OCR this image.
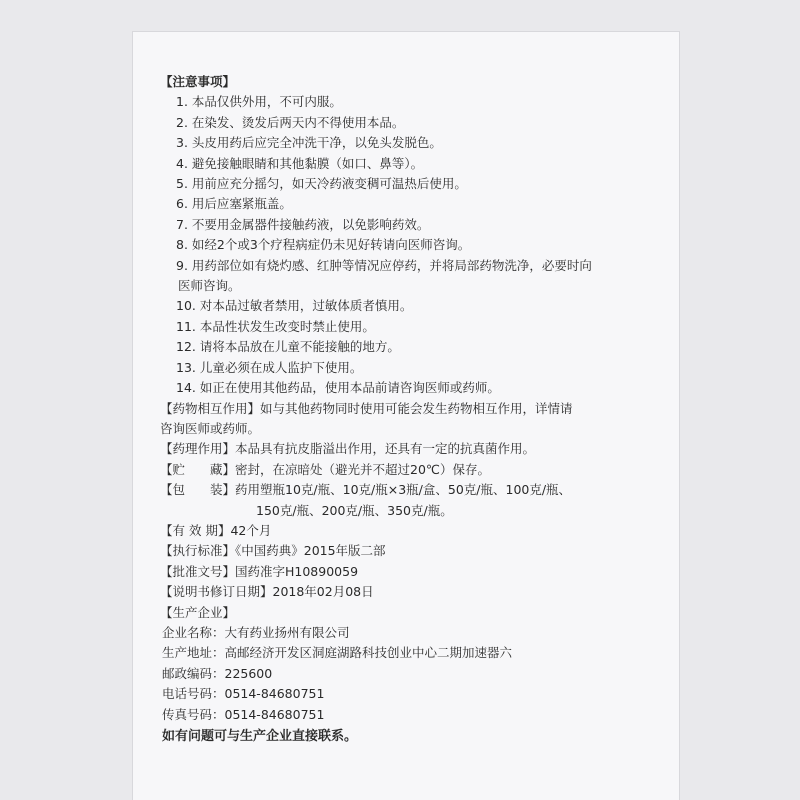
【注意事项】
1. 本品仅供外用，不可内服。
2. 在染发、烫发后两天内不得使用本品。
3. 头皮用药后应完全冲洗干净，以免头发脱色。
4. 避免接触眼睛和其他黏膜（如口、鼻等）。
5. 用前应充分摇匀，如天冷药液变稠可温热后使用。
6. 用后应塞紧瓶盖。
7. 不要用金属器件接触药液，以免影响药效。
8. 如经2个或3个疗程病症仍未见好转请向医师咨询。
9. 用药部位如有烧灼感、红肿等情况应停药，并将局部药物洗净，必要时向
医师咨询。
10. 对本品过敏者禁用，过敏体质者慎用。
11. 本品性状发生改变时禁止使用。
12. 请将本品放在儿童不能接触的地方。
13. 儿童必须在成人监护下使用。
14. 如正在使用其他药品，使用本品前请咨询医师或药师。
【药物相互作用】如与其他药物同时使用可能会发生药物相互作用，详情请
咨询医师或药师。
【药理作用】本品具有抗皮脂溢出作用，还具有一定的抗真菌作用。
【贮　　藏】密封，在凉暗处（避光并不超过20℃）保存。
【包　　装】药用塑瓶10克/瓶、10克/瓶×3瓶/盒、50克/瓶、100克/瓶、
150克/瓶、200克/瓶、350克/瓶。
【有 效 期】42个月
【执行标准】《中国药典》2015年版二部
【批准文号】国药准字H10890059
【说明书修订日期】2018年02月08日
【生产企业】
企业名称：大有药业扬州有限公司
生产地址：高邮经济开发区洞庭湖路科技创业中心二期加速器六
邮政编码：225600
电话号码：0514-84680751
传真号码：0514-84680751
如有问题可与生产企业直接联系。
